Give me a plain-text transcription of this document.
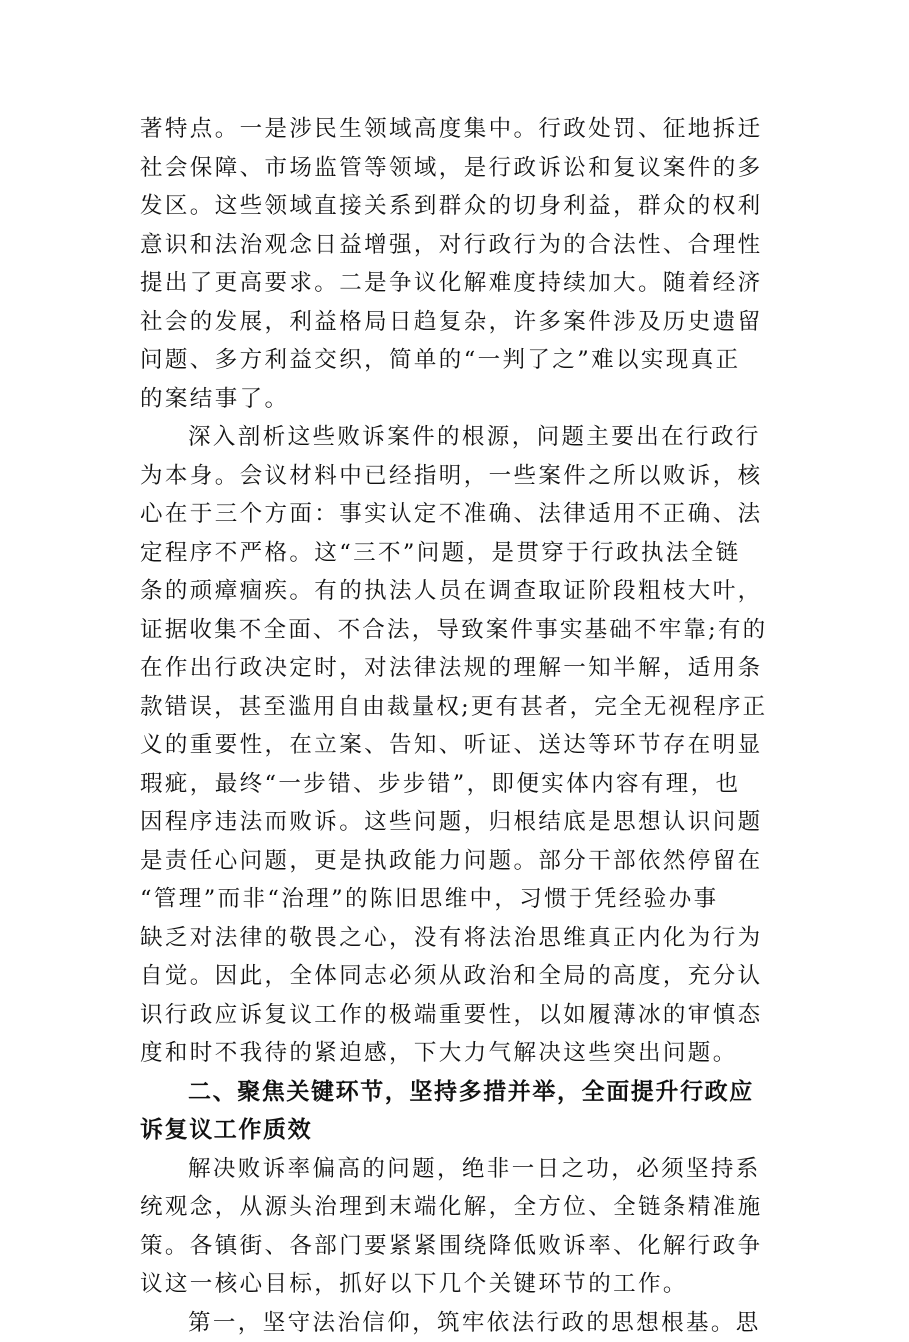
著特点。一是涉民生领域高度集中。行政处罚、征地拆迁
社会保障、市场监管等领域，是行政诉讼和复议案件的多
发区。这些领域直接关系到群众的切身利益，群众的权利
意识和法治观念日益增强，对行政行为的合法性、合理性
提出了更高要求。二是争议化解难度持续加大。随着经济
社会的发展，利益格局日趋复杂，许多案件涉及历史遗留
问题、多方利益交织，简单的“一判了之”难以实现真正
的案结事了。
深入剖析这些败诉案件的根源，问题主要出在行政行
为本身。会议材料中已经指明，一些案件之所以败诉，核
心在于三个方面：事实认定不准确、法律适用不正确、法
定程序不严格。这“三不”问题，是贯穿于行政执法全链
条的顽瘴痼疾。有的执法人员在调查取证阶段粗枝大叶，
证据收集不全面、不合法，导致案件事实基础不牢靠;有的
在作出行政决定时，对法律法规的理解一知半解，适用条
款错误，甚至滥用自由裁量权;更有甚者，完全无视程序正
义的重要性，在立案、告知、听证、送达等环节存在明显
瑕疵，最终“一步错、步步错”，即便实体内容有理，也
因程序违法而败诉。这些问题，归根结底是思想认识问题
是责任心问题，更是执政能力问题。部分干部依然停留在
“管理”而非“治理”的陈旧思维中，习惯于凭经验办事
缺乏对法律的敬畏之心，没有将法治思维真正内化为行为
自觉。因此，全体同志必须从政治和全局的高度，充分认
识行政应诉复议工作的极端重要性，以如履薄冰的审慎态
度和时不我待的紧迫感，下大力气解决这些突出问题。
二、聚焦关键环节，坚持多措并举，全面提升行政应
诉复议工作质效
解决败诉率偏高的问题，绝非一日之功，必须坚持系
统观念，从源头治理到末端化解，全方位、全链条精准施
策。各镇街、各部门要紧紧围绕降低败诉率、化解行政争
议这一核心目标，抓好以下几个关键环节的工作。
第一，坚守法治信仰，筑牢依法行政的思想根基。思
